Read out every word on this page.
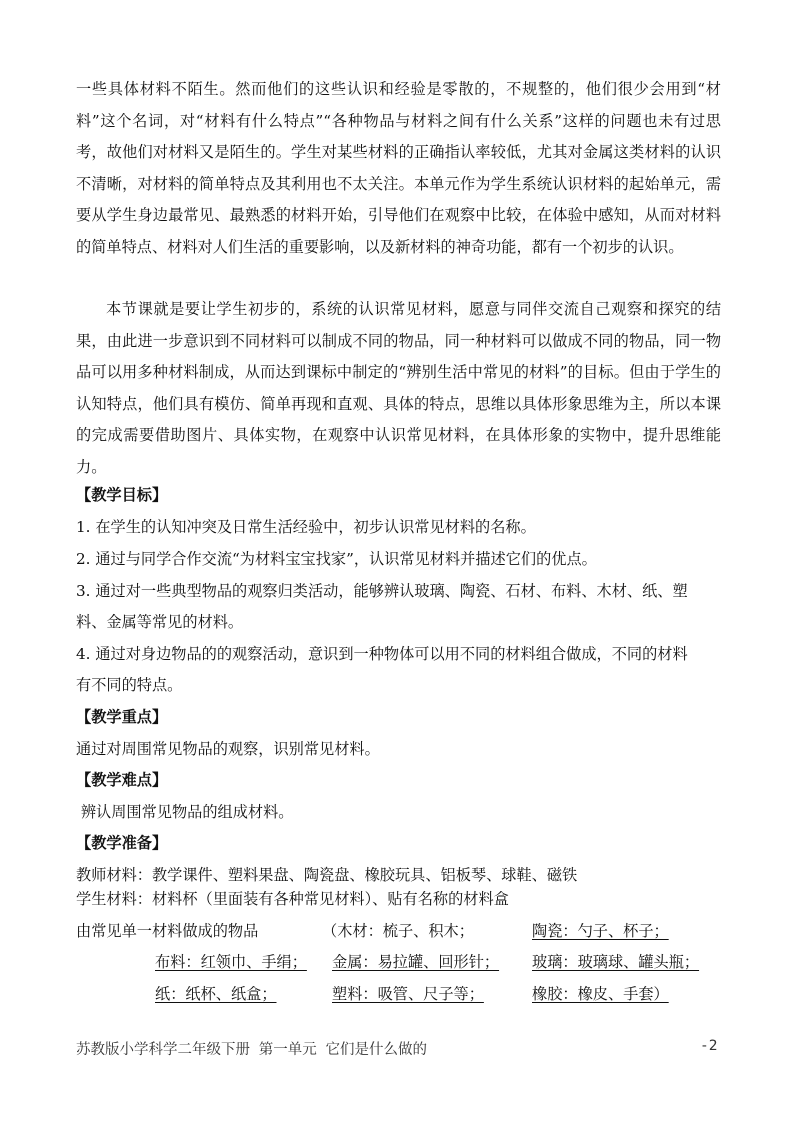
一些具体材料不陌生。然而他们的这些认识和经验是零散的，不规整的，他们很少会用到“材料”这个名词，对“材料有什么特点”“各种物品与材料之间有什么关系”这样的问题也未有过思考，故他们对材料又是陌生的。学生对某些材料的正确指认率较低，尤其对金属这类材料的认识不清晰，对材料的简单特点及其利用也不太关注。本单元作为学生系统认识材料的起始单元，需要从学生身边最常见、最熟悉的材料开始，引导他们在观察中比较，在体验中感知，从而对材料的简单特点、材料对人们生活的重要影响，以及新材料的神奇功能，都有一个初步的认识。

本节课就是要让学生初步的，系统的认识常见材料，愿意与同伴交流自己观察和探究的结果，由此进一步意识到不同材料可以制成不同的物品，同一种材料可以做成不同的物品，同一物品可以用多种材料制成，从而达到课标中制定的“辨别生活中常见的材料”的目标。但由于学生的认知特点，他们具有模仿、简单再现和直观、具体的特点，思维以具体形象思维为主，所以本课的完成需要借助图片、具体实物，在观察中认识常见材料，在具体形象的实物中，提升思维能力。

【教学目标】
1. 在学生的认知冲突及日常生活经验中，初步认识常见材料的名称。
2. 通过与同学合作交流“为材料宝宝找家”，认识常见材料并描述它们的优点。
3. 通过对一些典型物品的观察归类活动，能够辨认玻璃、陶瓷、石材、布料、木材、纸、塑
料、金属等常见的材料。
4. 通过对身边物品的的观察活动，意识到一种物体可以用不同的材料组合做成，不同的材料
有不同的特点。
【教学重点】
通过对周围常见物品的观察，识别常见材料。
【教学难点】
辨认周围常见物品的组成材料。
【教学准备】
教师材料：教学课件、塑料果盘、陶瓷盘、橡胶玩具、铝板琴、球鞋、磁铁
学生材料：材料杯（里面装有各种常见材料）、贴有名称的材料盒
由常见单一材料做成的物品	（木材：梳子、积木；	陶瓷：勺子、杯子；
布料：红领巾、手绢； 金属：易拉罐、回形针； 玻璃：玻璃球、罐头瓶；
纸：纸杯、纸盒；	塑料：吸管、尺子等；	橡胶：橡皮、手套）
苏教版小学科学二年级下册 第一单元 它们是什么做的	-2
